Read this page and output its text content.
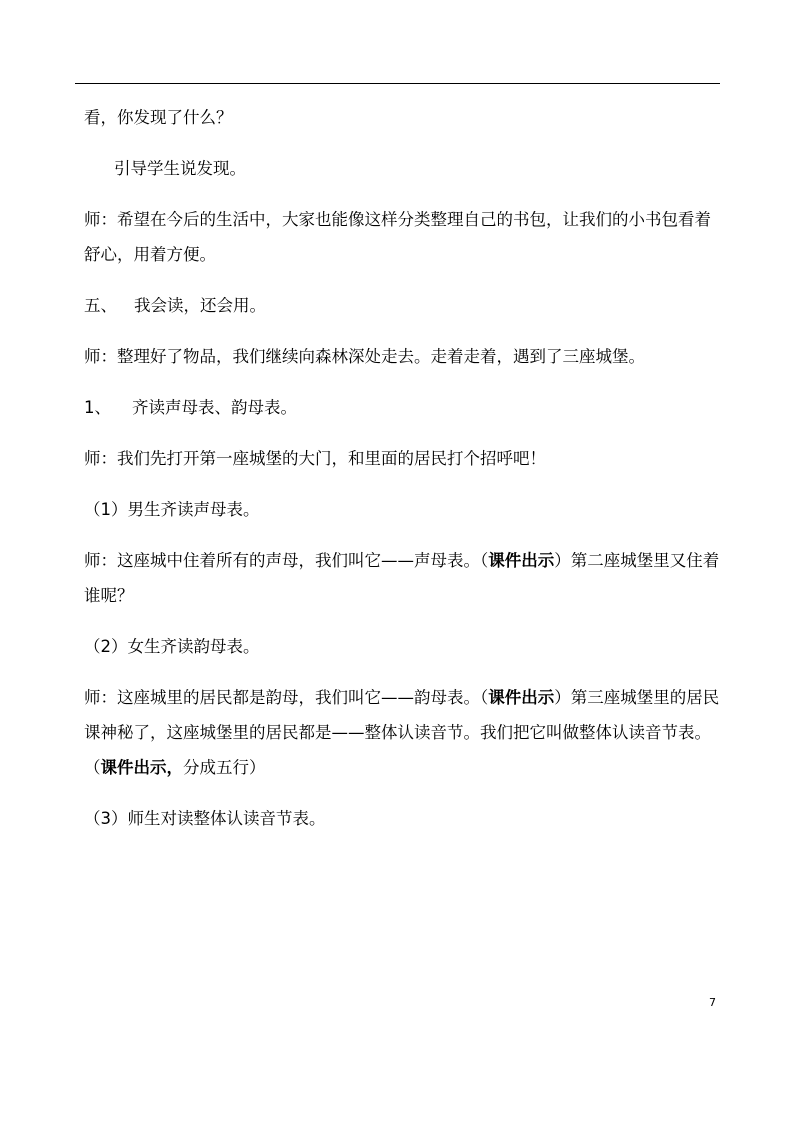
看，你发现了什么？

引导学生说发现。

师：希望在今后的生活中，大家也能像这样分类整理自己的书包，让我们的小书包看着舒心，用着方便。

五、 我会读，还会用。

师：整理好了物品，我们继续向森林深处走去。走着走着，遇到了三座城堡。

1、 齐读声母表、韵母表。

师：我们先打开第一座城堡的大门，和里面的居民打个招呼吧！

（1）男生齐读声母表。

师：这座城中住着所有的声母，我们叫它——声母表。（课件出示）第二座城堡里又住着谁呢？

（2）女生齐读韵母表。

师：这座城里的居民都是韵母，我们叫它——韵母表。（课件出示）第三座城堡里的居民课神秘了，这座城堡里的居民都是——整体认读音节。我们把它叫做整体认读音节表。（课件出示，分成五行）

（3）师生对读整体认读音节表。

7
